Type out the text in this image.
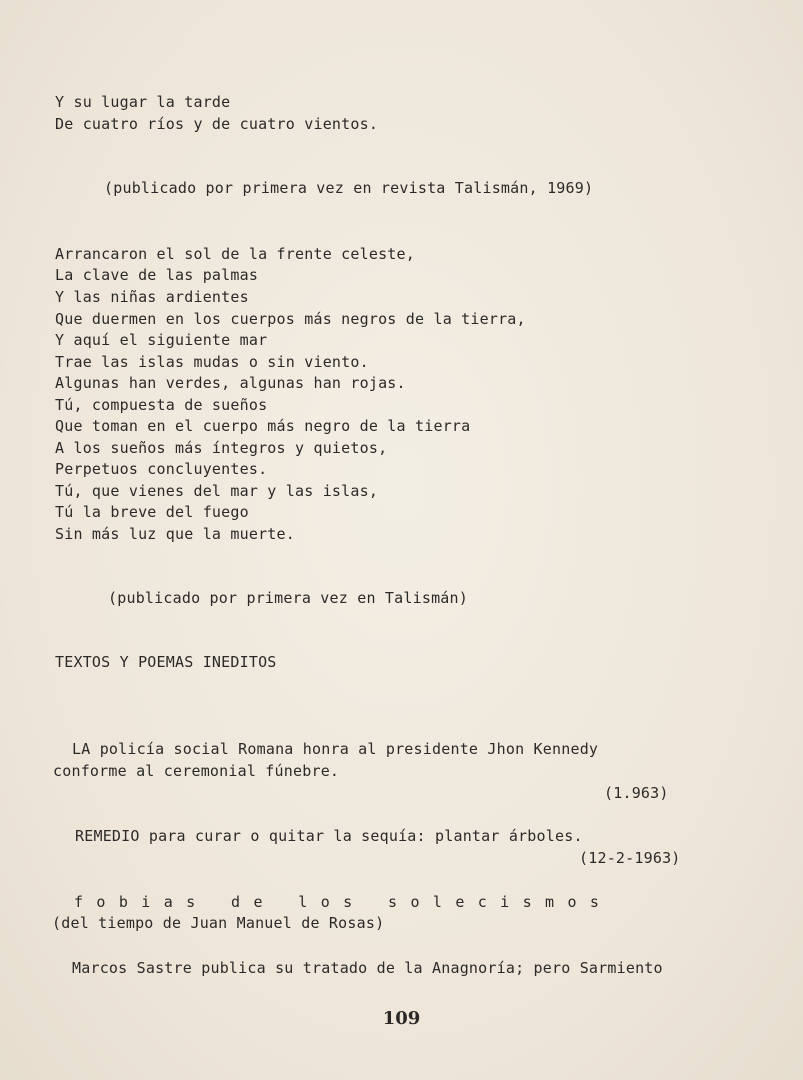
Y su lugar la tarde
De cuatro ríos y de cuatro vientos.
(publicado por primera vez en revista Talismán, 1969)
Arrancaron el sol de la frente celeste,
La clave de las palmas
Y las niñas ardientes
Que duermen en los cuerpos más negros de la tierra,
Y aquí el siguiente mar
Trae las islas mudas o sin viento.
Algunas han verdes, algunas han rojas.
Tú, compuesta de sueños
Que toman en el cuerpo más negro de la tierra
A los sueños más íntegros y quietos,
Perpetuos concluyentes.
Tú, que vienes del mar y las islas,
Tú la breve del fuego
Sin más luz que la muerte.
(publicado por primera vez en Talismán)
TEXTOS Y POEMAS INEDITOS
LA policía social Romana honra al presidente Jhon Kennedy
conforme al ceremonial fúnebre.
(1.963)
REMEDIO para curar o quitar la sequía: plantar árboles.
(12-2-1963)
fobias de los solecismos
(del tiempo de Juan Manuel de Rosas)
Marcos Sastre publica su tratado de la Anagnoría; pero Sarmiento
109
